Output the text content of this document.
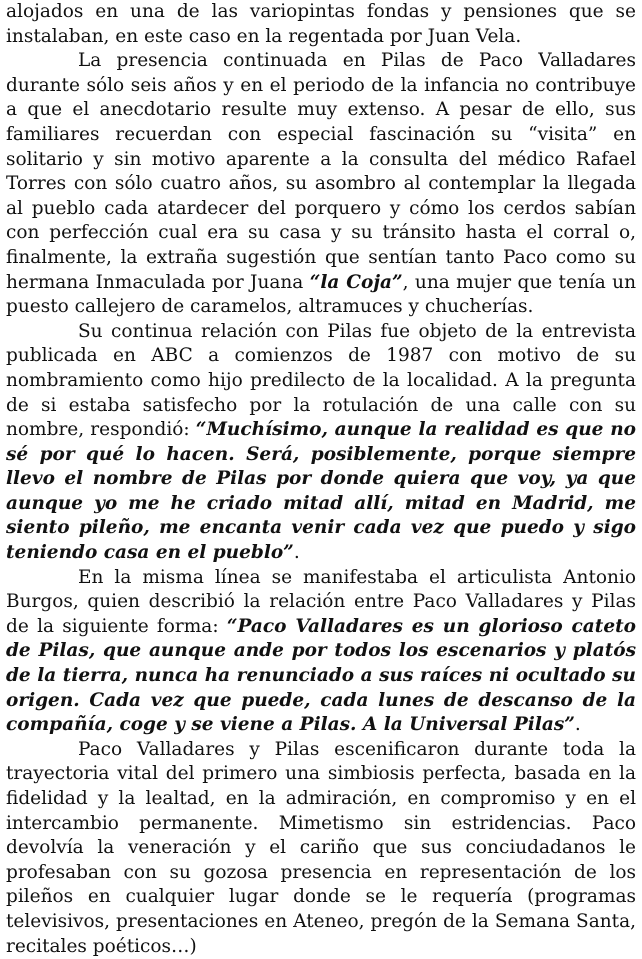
alojados en una de las variopintas fondas y pensiones que se instalaban, en este caso en la regentada por Juan Vela.

La presencia continuada en Pilas de Paco Valladares durante sólo seis años y en el periodo de la infancia no contribuye a que el anecdotario resulte muy extenso. A pesar de ello, sus familiares recuerdan con especial fascinación su “visita” en solitario y sin motivo aparente a la consulta del médico Rafael Torres con sólo cuatro años, su asombro al contemplar la llegada al pueblo cada atardecer del porquero y cómo los cerdos sabían con perfección cual era su casa y su tránsito hasta el corral o, finalmente, la extraña sugestión que sentían tanto Paco como su hermana Inmaculada por Juana “la Coja”, una mujer que tenía un puesto callejero de caramelos, altramuces y chucherías.

Su continua relación con Pilas fue objeto de la entrevista publicada en ABC a comienzos de 1987 con motivo de su nombramiento como hijo predilecto de la localidad. A la pregunta de si estaba satisfecho por la rotulación de una calle con su nombre, respondió: “Muchísimo, aunque la realidad es que no sé por qué lo hacen. Será, posiblemente, porque siempre llevo el nombre de Pilas por donde quiera que voy, ya que aunque yo me he criado mitad allí, mitad en Madrid, me siento pileño, me encanta venir cada vez que puedo y sigo teniendo casa en el pueblo”.

En la misma línea se manifestaba el articulista Antonio Burgos, quien describió la relación entre Paco Valladares y Pilas de la siguiente forma: “Paco Valladares es un glorioso cateto de Pilas, que aunque ande por todos los escenarios y platós de la tierra, nunca ha renunciado a sus raíces ni ocultado su origen. Cada vez que puede, cada lunes de descanso de la compañía, coge y se viene a Pilas. A la Universal Pilas”.

Paco Valladares y Pilas escenificaron durante toda la trayectoria vital del primero una simbiosis perfecta, basada en la fidelidad y la lealtad, en la admiración, en compromiso y en el intercambio permanente. Mimetismo sin estridencias. Paco devolvía la veneración y el cariño que sus conciudadanos le profesaban con su gozosa presencia en representación de los pileños en cualquier lugar donde se le requería (programas televisivos, presentaciones en Ateneo, pregón de la Semana Santa, recitales poéticos…)
